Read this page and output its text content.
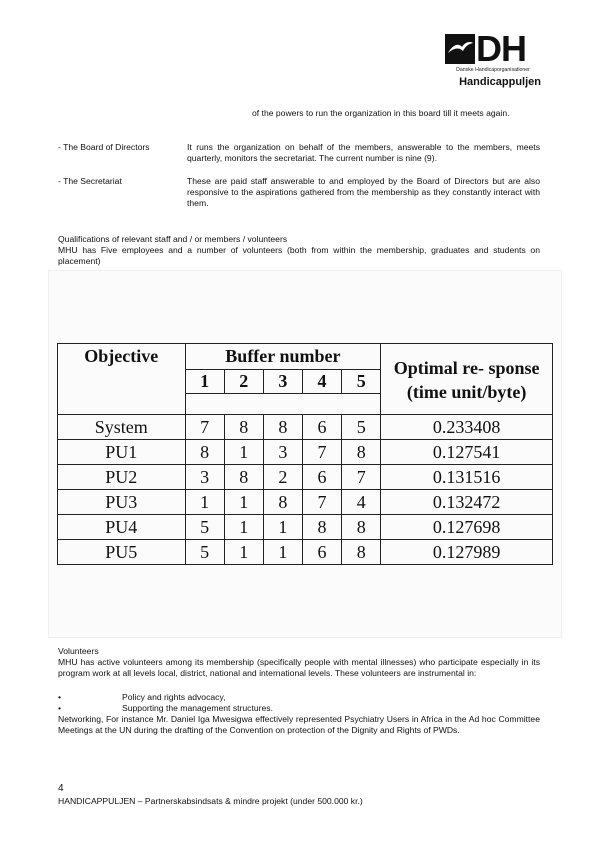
DH
Danske Handicaporganisationer
Handicappuljen
of the powers to run the organization in this board till it meets again.
- The Board of Directors	It runs the organization on behalf of the members, answerable to the members, meets quarterly, monitors the secretariat. The current number is nine (9).
- The Secretariat	These are paid staff answerable to and employed by the Board of Directors but are also responsive to the aspirations gathered from the membership as they constantly interact with them.
Qualifications of relevant staff and / or members / volunteers
MHU has Five employees and a number of volunteers (both from within the membership, graduates and students on placement)
Objective	Buffer number					Optimal re- sponse (time unit/byte)
	1	2	3	4	5	

System	7	8	8	6	5	0.233408
PU1	8	1	3	7	8	0.127541
PU2	3	8	2	6	7	0.131516
PU3	1	1	8	7	4	0.132472
PU4	5	1	1	8	8	0.127698
PU5	5	1	1	6	8	0.127989
Volunteers
MHU has active volunteers among its membership (specifically people with mental illnesses) who participate especially in its program work at all levels local, district, national and international levels. These volunteers are instrumental in:
•	Policy and rights advocacy,
•	Supporting the management structures.
Networking, For instance Mr. Daniel Iga Mwesigwa effectively represented Psychiatry Users in Africa in the Ad hoc Committee Meetings at the UN during the drafting of the Convention on protection of the Dignity and Rights of PWDs.
4
HANDICAPPULJEN – Partnerskabsindsats & mindre projekt (under 500.000 kr.)
